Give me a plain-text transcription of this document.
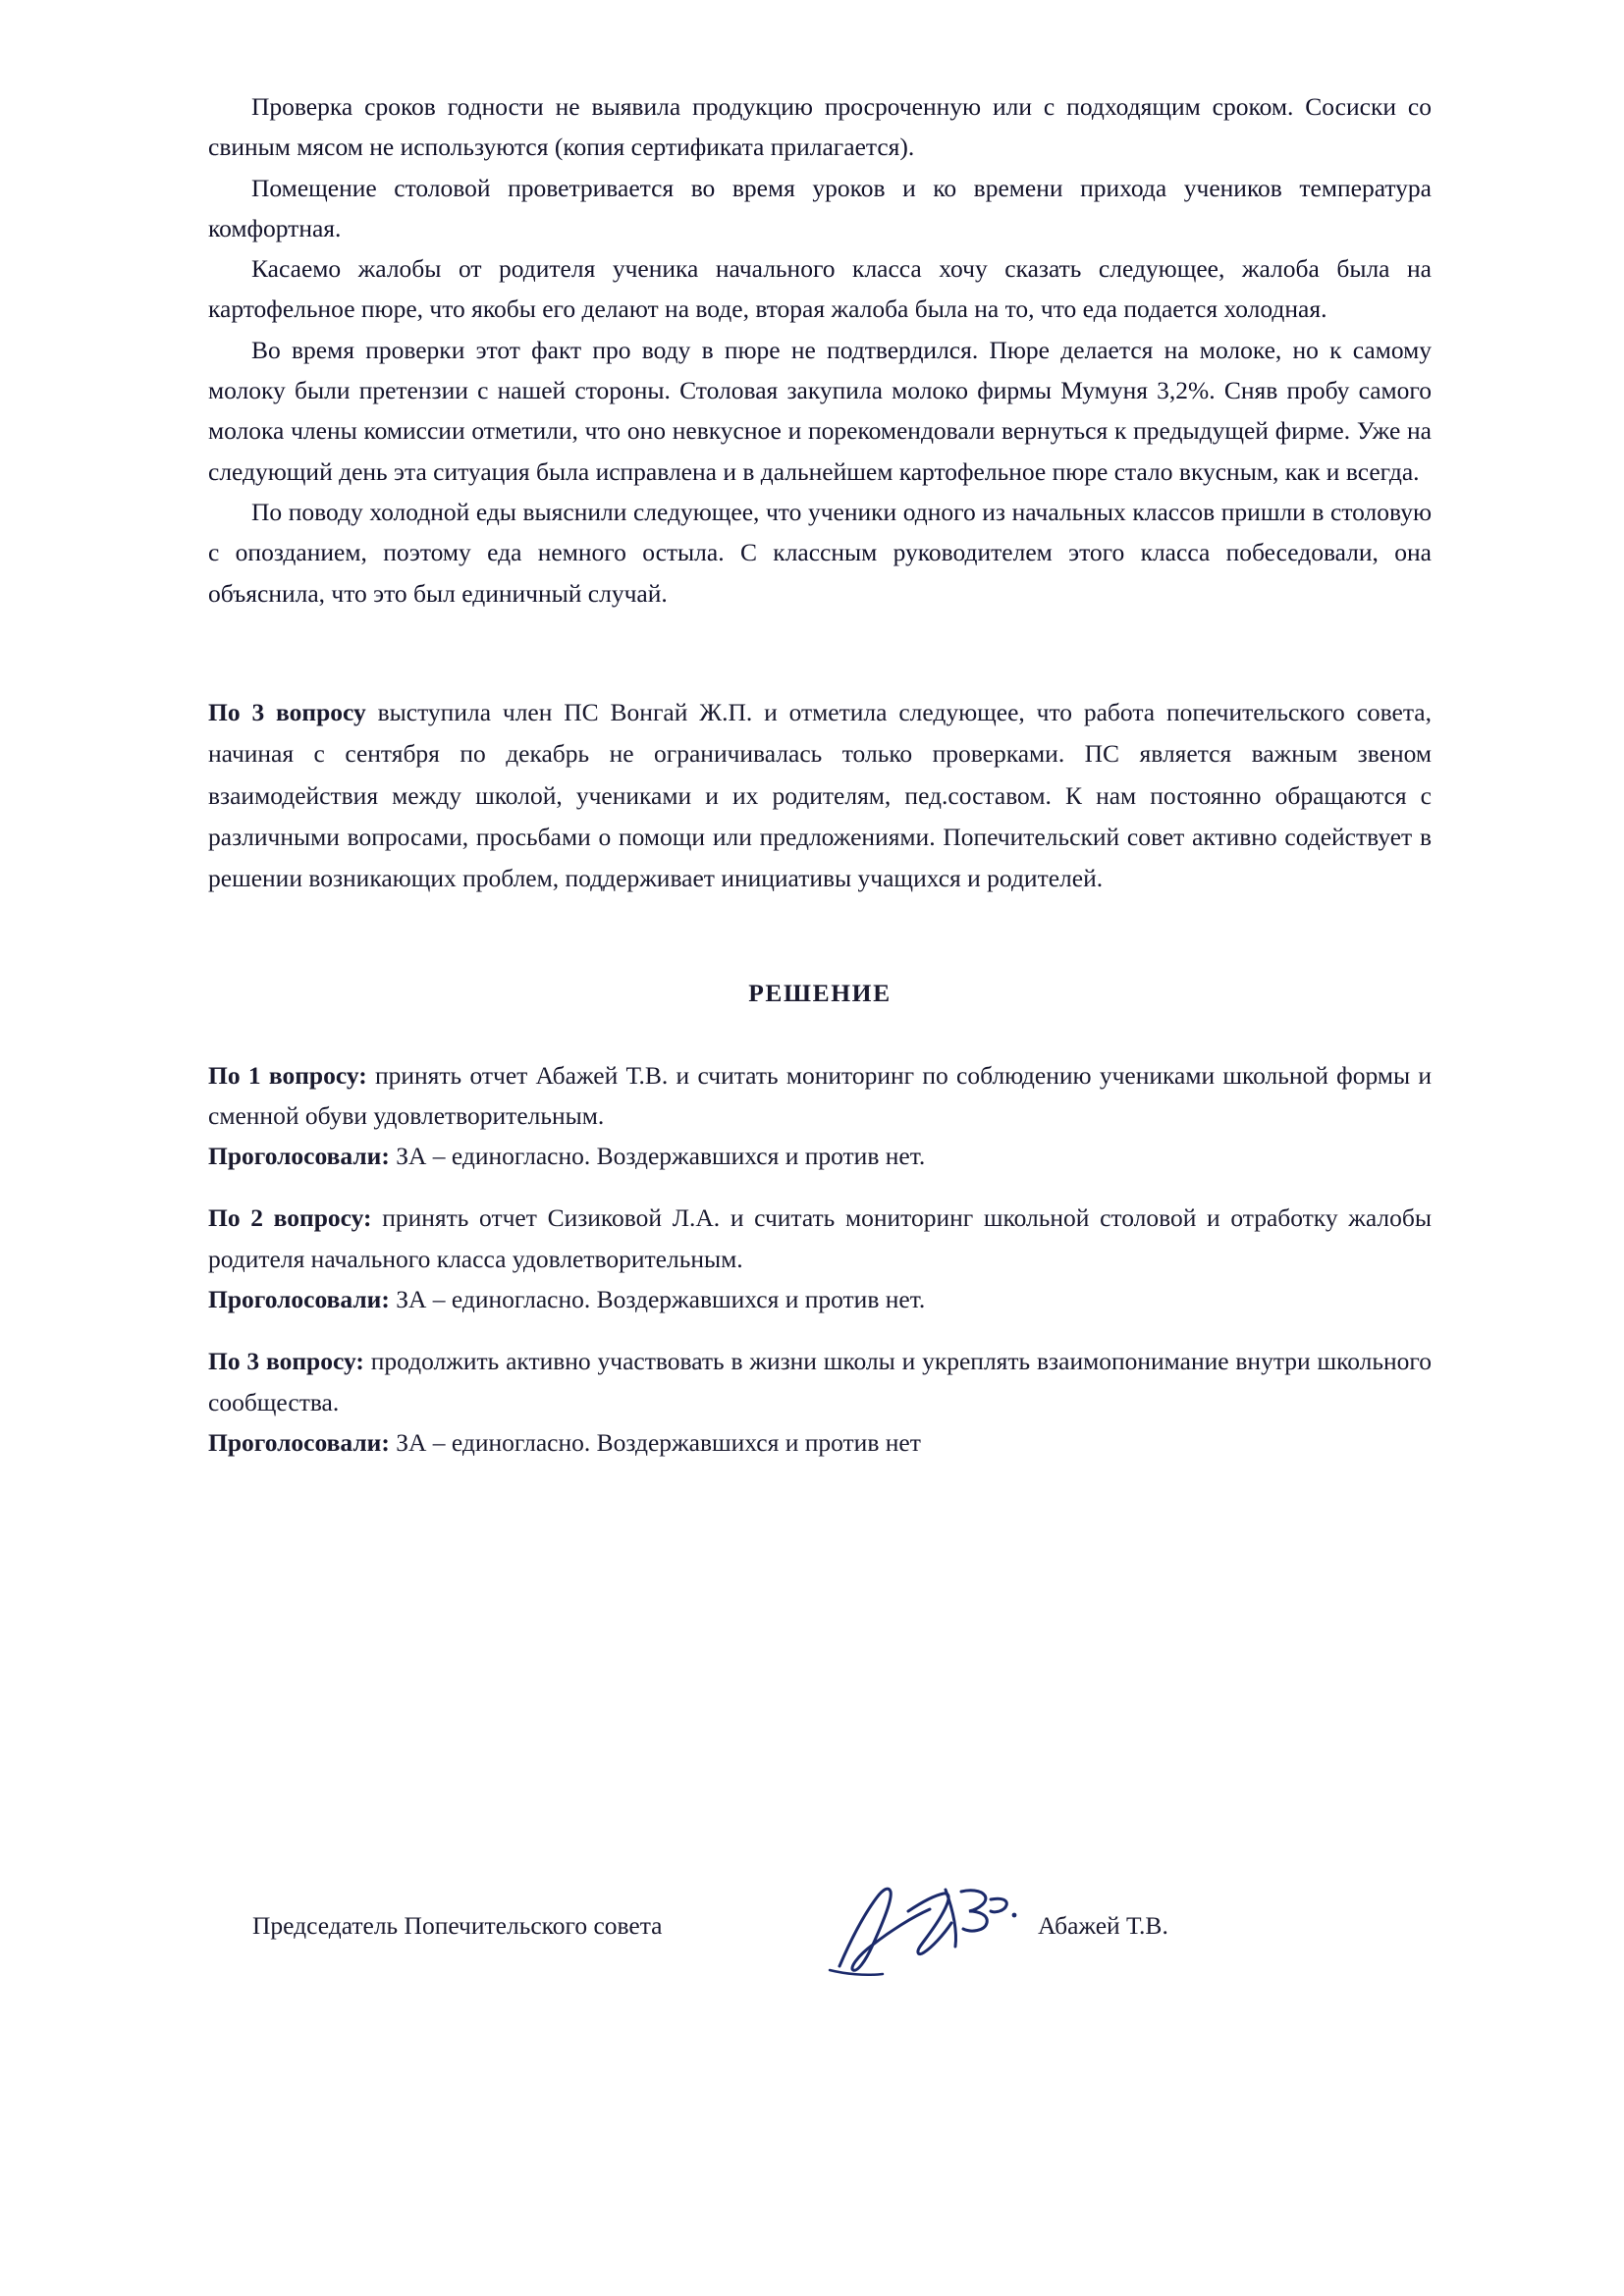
Проверка сроков годности не выявила продукцию просроченную или с подходящим сроком. Сосиски со свиным мясом не используются (копия сертификата прилагается).

Помещение столовой проветривается во время уроков и ко времени прихода учеников температура комфортная.

Касаемо жалобы от родителя ученика начального класса хочу сказать следующее, жалоба была на картофельное пюре, что якобы его делают на воде, вторая жалоба была на то, что еда подается холодная.

Во время проверки этот факт про воду в пюре не подтвердился. Пюре делается на молоке, но к самому молоку были претензии с нашей стороны. Столовая закупила молоко фирмы Мумуня 3,2%. Сняв пробу самого молока члены комиссии отметили, что оно невкусное и порекомендовали вернуться к предыдущей фирме. Уже на следующий день эта ситуация была исправлена и в дальнейшем картофельное пюре стало вкусным, как и всегда.

По поводу холодной еды выяснили следующее, что ученики одного из начальных классов пришли в столовую с опозданием, поэтому еда немного остыла. С классным руководителем этого класса побеседовали, она объяснила, что это был единичный случай.

По 3 вопросу выступила член ПС Вонгай Ж.П. и отметила следующее, что работа попечительского совета, начиная с сентября по декабрь не ограничивалась только проверками. ПС является важным звеном взаимодействия между школой, учениками и их родителям, пед.составом. К нам постоянно обращаются с различными вопросами, просьбами о помощи или предложениями. Попечительский совет активно содействует в решении возникающих проблем, поддерживает инициативы учащихся и родителей.

РЕШЕНИЕ

По 1 вопросу: принять отчет Абажей Т.В. и считать мониторинг по соблюдению учениками школьной формы и сменной обуви удовлетворительным.

Проголосовали: ЗА – единогласно. Воздержавшихся и против нет.

По 2 вопросу: принять отчет Сизиковой Л.А. и считать мониторинг школьной столовой и отработку жалобы родителя начального класса удовлетворительным.

Проголосовали: ЗА – единогласно. Воздержавшихся и против нет.

По 3 вопросу: продолжить активно участвовать в жизни школы и укреплять взаимопонимание внутри школьного сообщества.

Проголосовали: ЗА – единогласно. Воздержавшихся и против нет

Председатель Попечительского совета	Абажей Т.В.
